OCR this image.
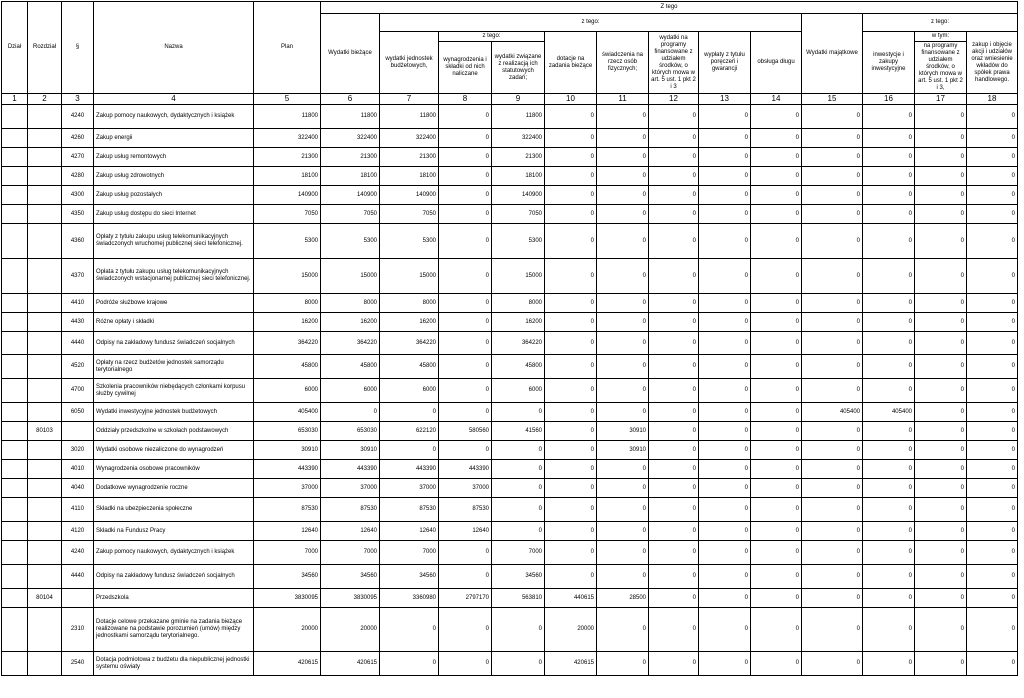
Dział	Rozdział	§	Nazwa	Plan	Z tego												
					Wydatki bieżące	z tego:								Wydatki majątkowe	z tego:		
						wydatki jednostek budżetowych,	z tego:		dotacje na zadania bieżące	świadczenia na rzecz osób fizycznych;	wydatki na programy finansowane z udziałem środków, o których mowa w art. 5 ust. 1 pkt 2 i 3	wypłaty z tytułu poręczeń i gwarancji	obsługa długu		inwestycje i zakupy inwestycyjne	w tym:	zakup i objęcie akcji i udziałów oraz wniesienie wkładów do spółek prawa handlowego.
							wynagrodzenia i składki od nich naliczane	wydatki związane z realizacją ich statutowych zadań;								na programy finansowane z udziałem środków, o których mowa w art. 5 ust. 1 pkt 2 i 3,	

1	2	3	4	5	6	7	8	9	10	11	12	13	14	15	16	17	18
		4240	Zakup pomocy naukowych, dydaktycznych i książek	11800	11800	11800	0	11800	0	0	0	0	0	0	0	0	0
		4260	Zakup energii	322400	322400	322400	0	322400	0	0	0	0	0	0	0	0	0
		4270	Zakup usług remontowych	21300	21300	21300	0	21300	0	0	0	0	0	0	0	0	0
		4280	Zakup usług zdrowotnych	18100	18100	18100	0	18100	0	0	0	0	0	0	0	0	0
		4300	Zakup usług pozostałych	140900	140900	140900	0	140900	0	0	0	0	0	0	0	0	0
		4350	Zakup usług dostępu do sieci Internet	7050	7050	7050	0	7050	0	0	0	0	0	0	0	0	0
		4360	Opłaty z tytułu zakupu usług telekomunikacyjnych świadczonych wruchomej publicznej sieci telefonicznej.	5300	5300	5300	0	5300	0	0	0	0	0	0	0	0	0
		4370	Opłata z tytułu zakupu usług telekomunikacyjnych świadczonych wstacjonarnej publicznej sieci telefonicznej.	15000	15000	15000	0	15000	0	0	0	0	0	0	0	0	0
		4410	Podróże służbowe krajowe	8000	8000	8000	0	8000	0	0	0	0	0	0	0	0	0
		4430	Różne opłaty i składki	16200	16200	16200	0	16200	0	0	0	0	0	0	0	0	0
		4440	Odpisy na zakładowy fundusz świadczeń socjalnych	364220	364220	364220	0	364220	0	0	0	0	0	0	0	0	0
		4520	Opłaty na rzecz budżetów jednostek samorządu terytorialnego	45800	45800	45800	0	45800	0	0	0	0	0	0	0	0	0
		4700	Szkolenia pracowników niebędących członkami korpusu służby cywilnej	6000	6000	6000	0	6000	0	0	0	0	0	0	0	0	0
		6050	Wydatki inwestycyjne jednostek budżetowych	405400	0	0	0	0	0	0	0	0	0	405400	405400	0	0
	80103		Oddziały przedszkolne w szkołach podstawowych	653030	653030	622120	580560	41560	0	30910	0	0	0	0	0	0	0
		3020	Wydatki osobowe niezaliczone do wynagrodzeń	30910	30910	0	0	0	0	30910	0	0	0	0	0	0	0
		4010	Wynagrodzenia osobowe pracowników	443390	443390	443390	443390	0	0	0	0	0	0	0	0	0	0
		4040	Dodatkowe wynagrodzenie roczne	37000	37000	37000	37000	0	0	0	0	0	0	0	0	0	0
		4110	Składki na ubezpieczenia społeczne	87530	87530	87530	87530	0	0	0	0	0	0	0	0	0	0
		4120	Składki na Fundusz Pracy	12640	12640	12640	12640	0	0	0	0	0	0	0	0	0	0
		4240	Zakup pomocy naukowych, dydaktycznych i książek	7000	7000	7000	0	7000	0	0	0	0	0	0	0	0	0
		4440	Odpisy na zakładowy fundusz świadczeń socjalnych	34560	34560	34560	0	34560	0	0	0	0	0	0	0	0	0
	80104		Przedszkola	3830095	3830095	3360980	2797170	563810	440615	28500	0	0	0	0	0	0	0
		2310	Dotacje celowe przekazane gminie na zadania bieżące realizowane na podstawie porozumień (umów) między jednostkami samorządu terytorialnego.	20000	20000	0	0	0	20000	0	0	0	0	0	0	0	0
		2540	Dotacja podmiotowa z budżetu dla niepublicznej jednostki systemu oświaty	420615	420615	0	0	0	420615	0	0	0	0	0	0	0	0
